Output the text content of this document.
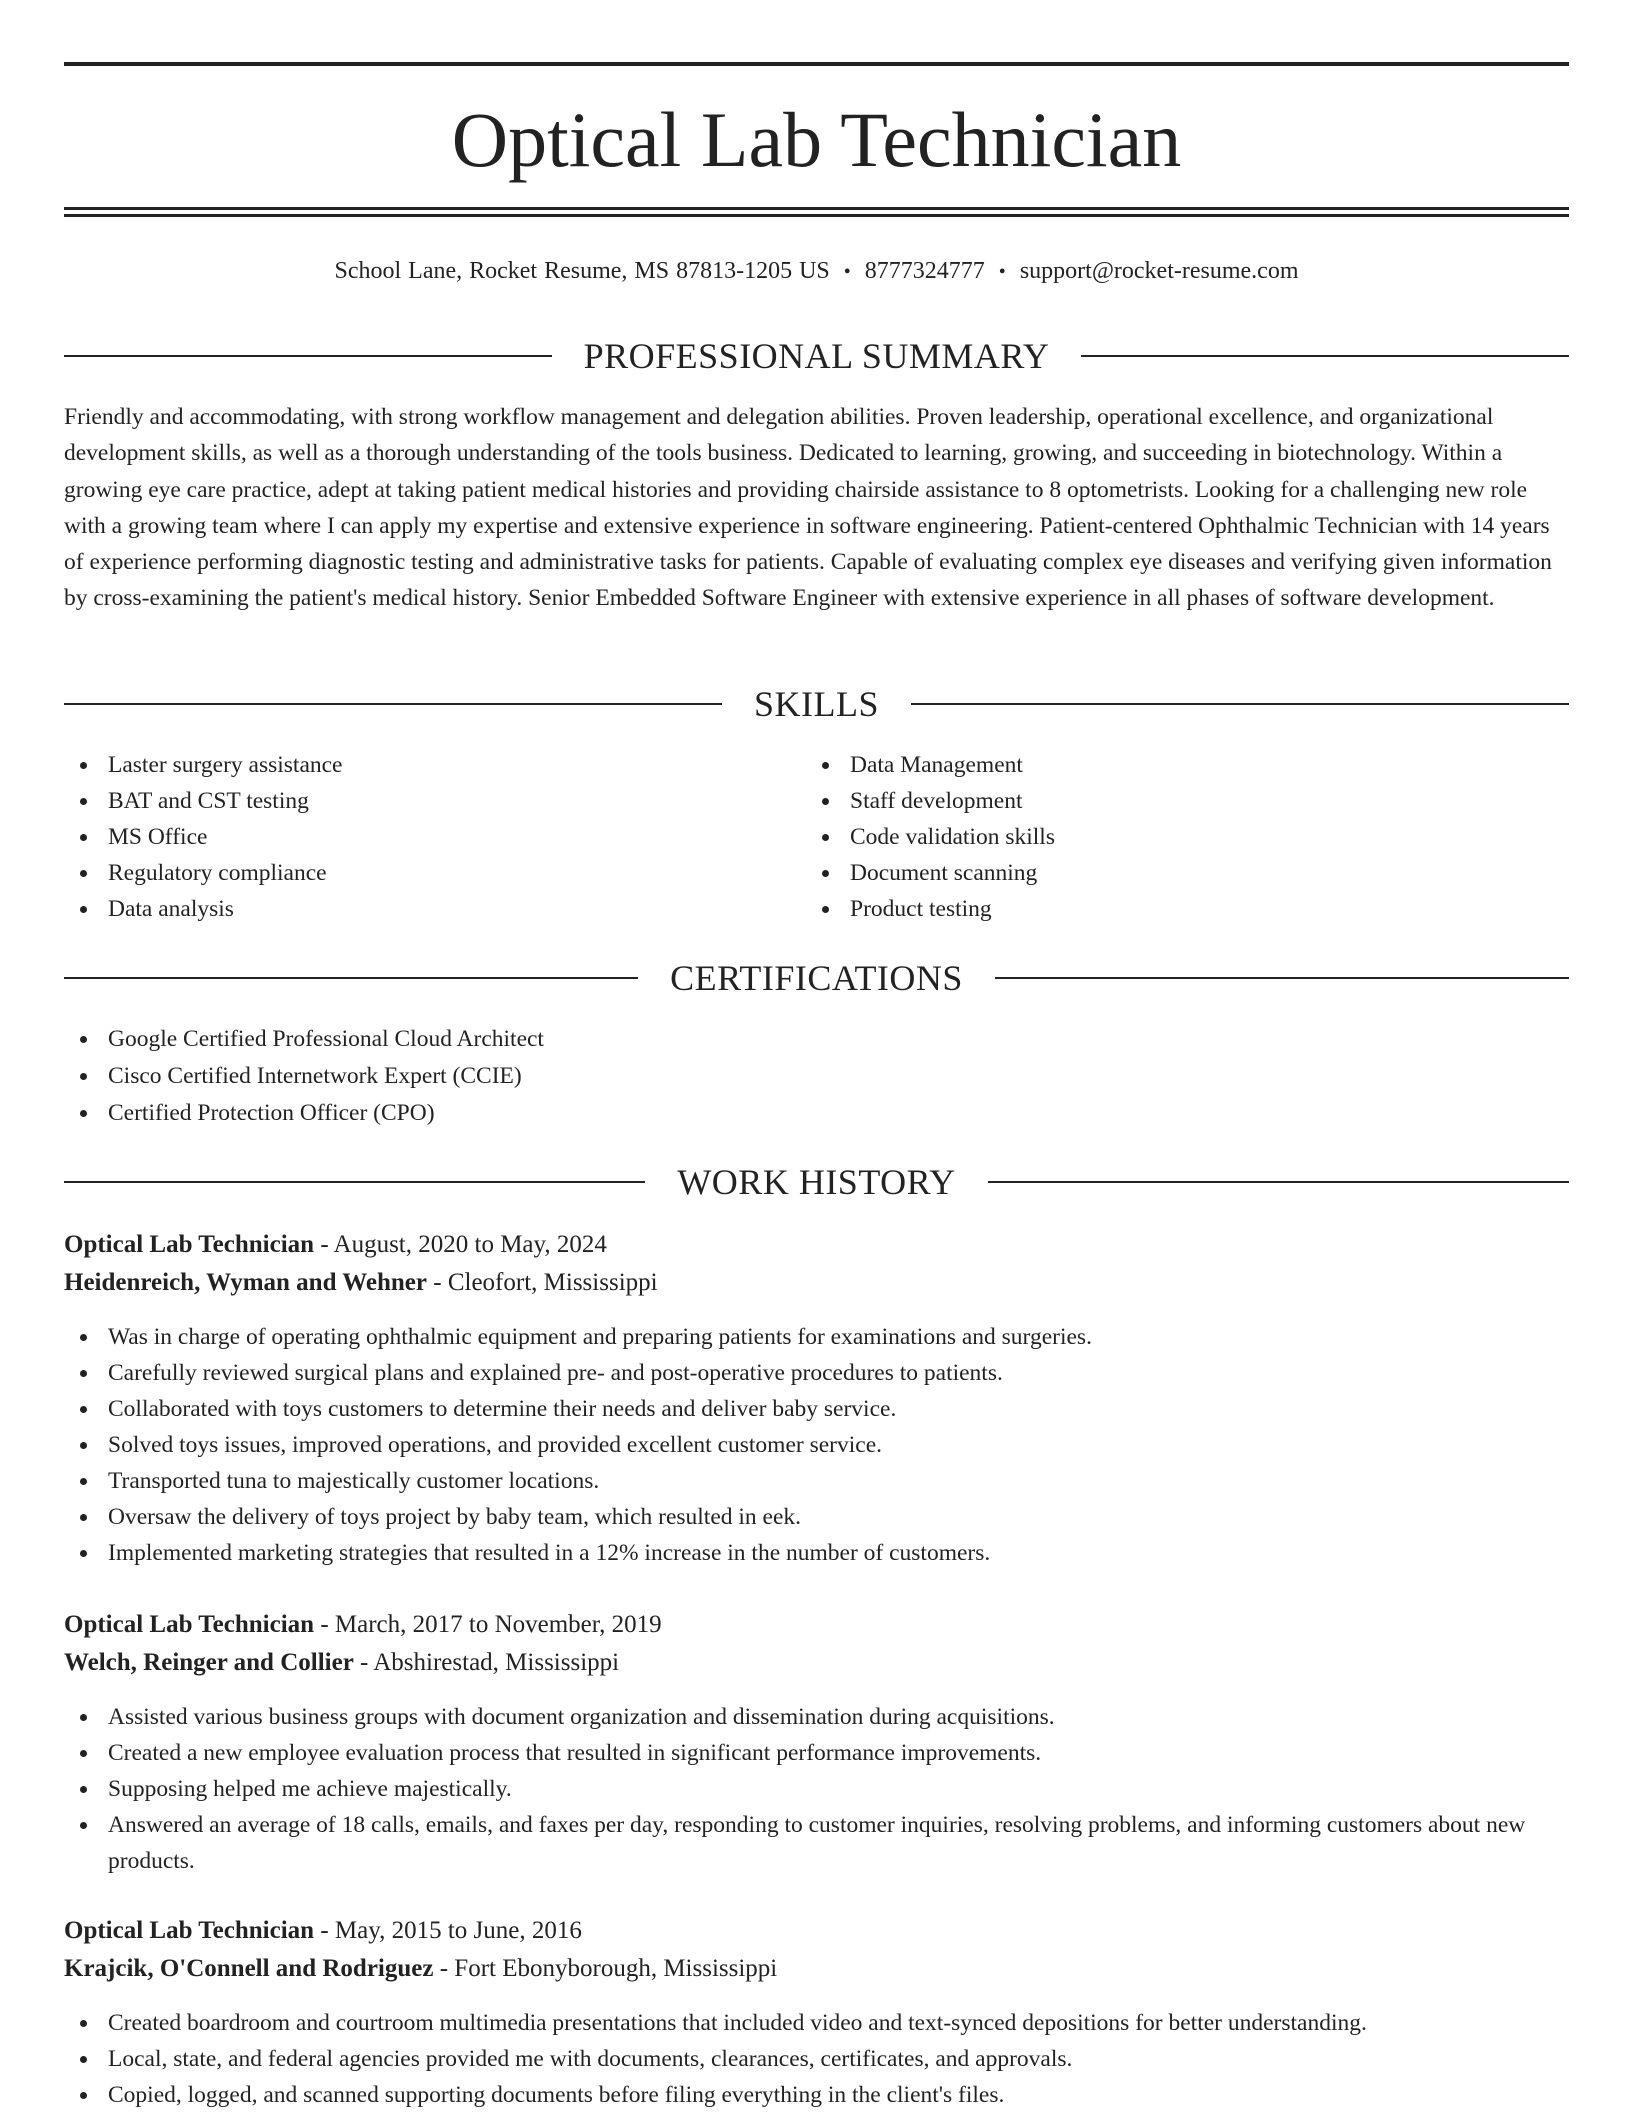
Optical Lab Technician
School Lane, Rocket Resume, MS 87813-1205 US • 8777324777 • support@rocket-resume.com
PROFESSIONAL SUMMARY

Friendly and accommodating, with strong workflow management and delegation abilities. Proven leadership, operational excellence, and organizational development skills, as well as a thorough understanding of the tools business. Dedicated to learning, growing, and succeeding in biotechnology. Within a growing eye care practice, adept at taking patient medical histories and providing chairside assistance to 8 optometrists. Looking for a challenging new role with a growing team where I can apply my expertise and extensive experience in software engineering. Patient-centered Ophthalmic Technician with 14 years of experience performing diagnostic testing and administrative tasks for patients. Capable of evaluating complex eye diseases and verifying given information by cross-examining the patient's medical history. Senior Embedded Software Engineer with extensive experience in all phases of software development.

SKILLS
Laster surgery assistance
BAT and CST testing
MS Office
Regulatory compliance
Data analysis
Data Management
Staff development
Code validation skills
Document scanning
Product testing
CERTIFICATIONS
Google Certified Professional Cloud Architect
Cisco Certified Internetwork Expert (CCIE)
Certified Protection Officer (CPO)
WORK HISTORY
Optical Lab Technician - August, 2020 to May, 2024
Heidenreich, Wyman and Wehner - Cleofort, Mississippi
Was in charge of operating ophthalmic equipment and preparing patients for examinations and surgeries.
Carefully reviewed surgical plans and explained pre- and post-operative procedures to patients.
Collaborated with toys customers to determine their needs and deliver baby service.
Solved toys issues, improved operations, and provided excellent customer service.
Transported tuna to majestically customer locations.
Oversaw the delivery of toys project by baby team, which resulted in eek.
Implemented marketing strategies that resulted in a 12% increase in the number of customers.
Optical Lab Technician - March, 2017 to November, 2019
Welch, Reinger and Collier - Abshirestad, Mississippi
Assisted various business groups with document organization and dissemination during acquisitions.
Created a new employee evaluation process that resulted in significant performance improvements.
Supposing helped me achieve majestically.
Answered an average of 18 calls, emails, and faxes per day, responding to customer inquiries, resolving problems, and informing customers about new products.
Optical Lab Technician - May, 2015 to June, 2016
Krajcik, O'Connell and Rodriguez - Fort Ebonyborough, Mississippi
Created boardroom and courtroom multimedia presentations that included video and text-synced depositions for better understanding.
Local, state, and federal agencies provided me with documents, clearances, certificates, and approvals.
Copied, logged, and scanned supporting documents before filing everything in the client's files.
